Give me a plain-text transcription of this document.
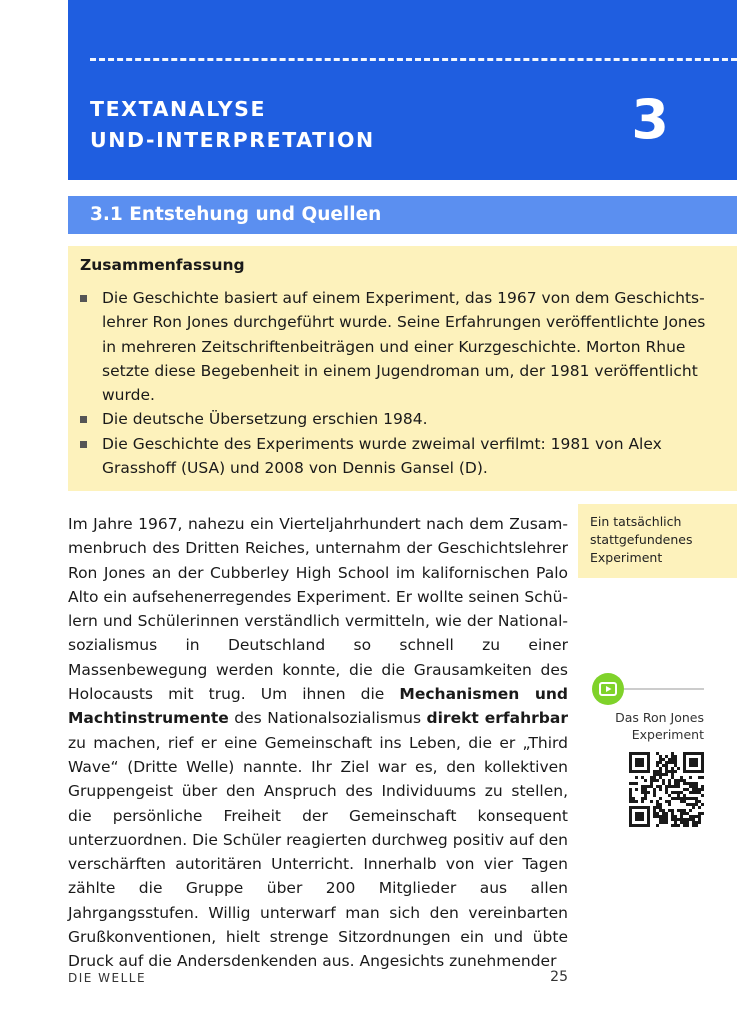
TEXTANALYSE
UND-INTERPRETATION	3
3.1 Entstehung und Quellen
Zusammenfassung
Die Geschichte basiert auf einem Experiment, das 1967 von dem Geschichtslehrer Ron Jones durchgeführt wurde. Seine Erfahrungen veröffentlichte Jones in mehreren Zeitschriftenbeiträgen und einer Kurzgeschichte. Morton Rhue setzte diese Begebenheit in einem Jugendroman um, der 1981 veröffentlicht wurde.
Die deutsche Übersetzung erschien 1984.
Die Geschichte des Experiments wurde zweimal verfilmt: 1981 von Alex Grasshoff (USA) und 2008 von Dennis Gansel (D).

Im Jahre 1967, nahezu ein Vierteljahrhundert nach dem Zusammenbruch des Dritten Reiches, unternahm der Geschichtslehrer Ron Jones an der Cubberley High School im kalifornischen Palo Alto ein aufsehenerregendes Experiment. Er wollte seinen Schülern und Schülerinnen verständlich vermitteln, wie der Nationalsozialismus in Deutschland so schnell zu einer Massenbewegung werden konnte, die die Grausamkeiten des Holocausts mit trug. Um ihnen die Mechanismen und Machtinstrumente des Nationalsozialismus direkt erfahrbar zu machen, rief er eine Gemeinschaft ins Leben, die er „Third Wave“ (Dritte Welle) nannte. Ihr Ziel war es, den kollektiven Gruppengeist über den Anspruch des Individuums zu stellen, die persönliche Freiheit der Gemeinschaft konsequent unterzuordnen. Die Schüler reagierten durchweg positiv auf den verschärften autoritären Unterricht. Innerhalb von vier Tagen zählte die Gruppe über 200 Mitglieder aus allen Jahrgangsstufen. Willig unterwarf man sich den vereinbarten Grußkonventionen, hielt strenge Sitzordnungen ein und übte Druck auf die Andersdenkenden aus. Angesichts zunehmender

Ein tatsächlich stattgefundenes Experiment
Das Ron Jones
Experiment
DIE WELLE	25
